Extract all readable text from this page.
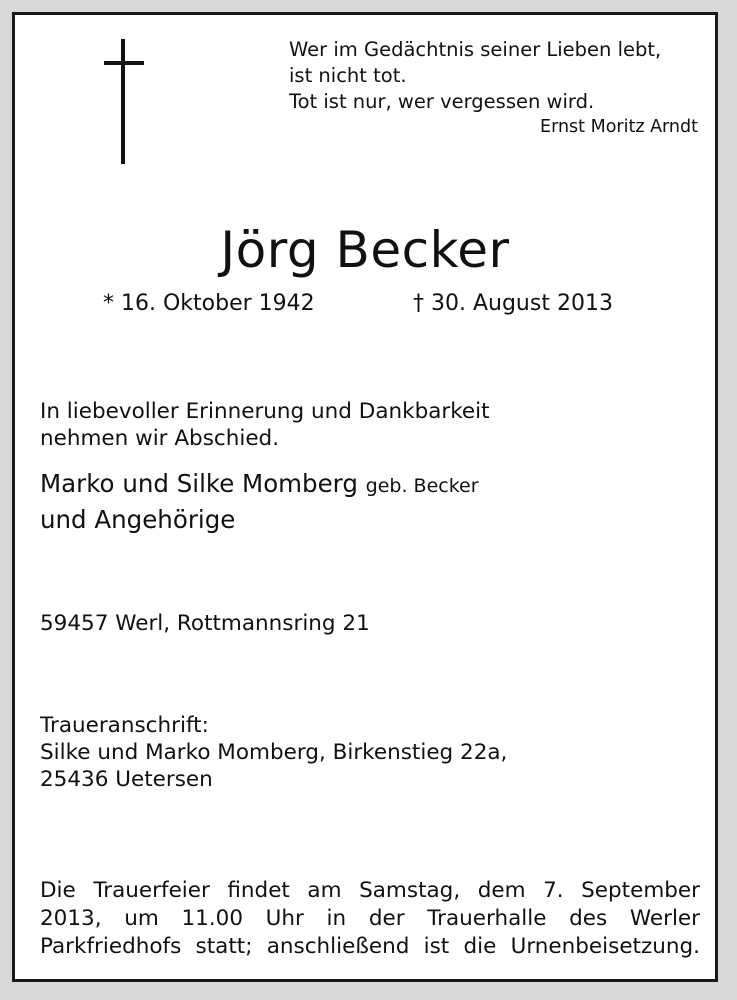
Wer im Gedächtnis seiner Lieben lebt,
ist nicht tot.
Tot ist nur, wer vergessen wird.
Ernst Moritz Arndt
Jörg Becker
* 16. Oktober 1942	† 30. August 2013
In liebevoller Erinnerung und Dankbarkeit
nehmen wir Abschied.
Marko und Silke Momberg geb. Becker
und Angehörige
59457 Werl, Rottmannsring 21
Traueranschrift:
Silke und Marko Momberg, Birkenstieg 22a,
25436 Uetersen
Die Trauerfeier findet am Samstag, dem 7. September
2013, um 11.00 Uhr in der Trauerhalle des Werler
Parkfriedhofs statt; anschließend ist die Urnenbeisetzung.
